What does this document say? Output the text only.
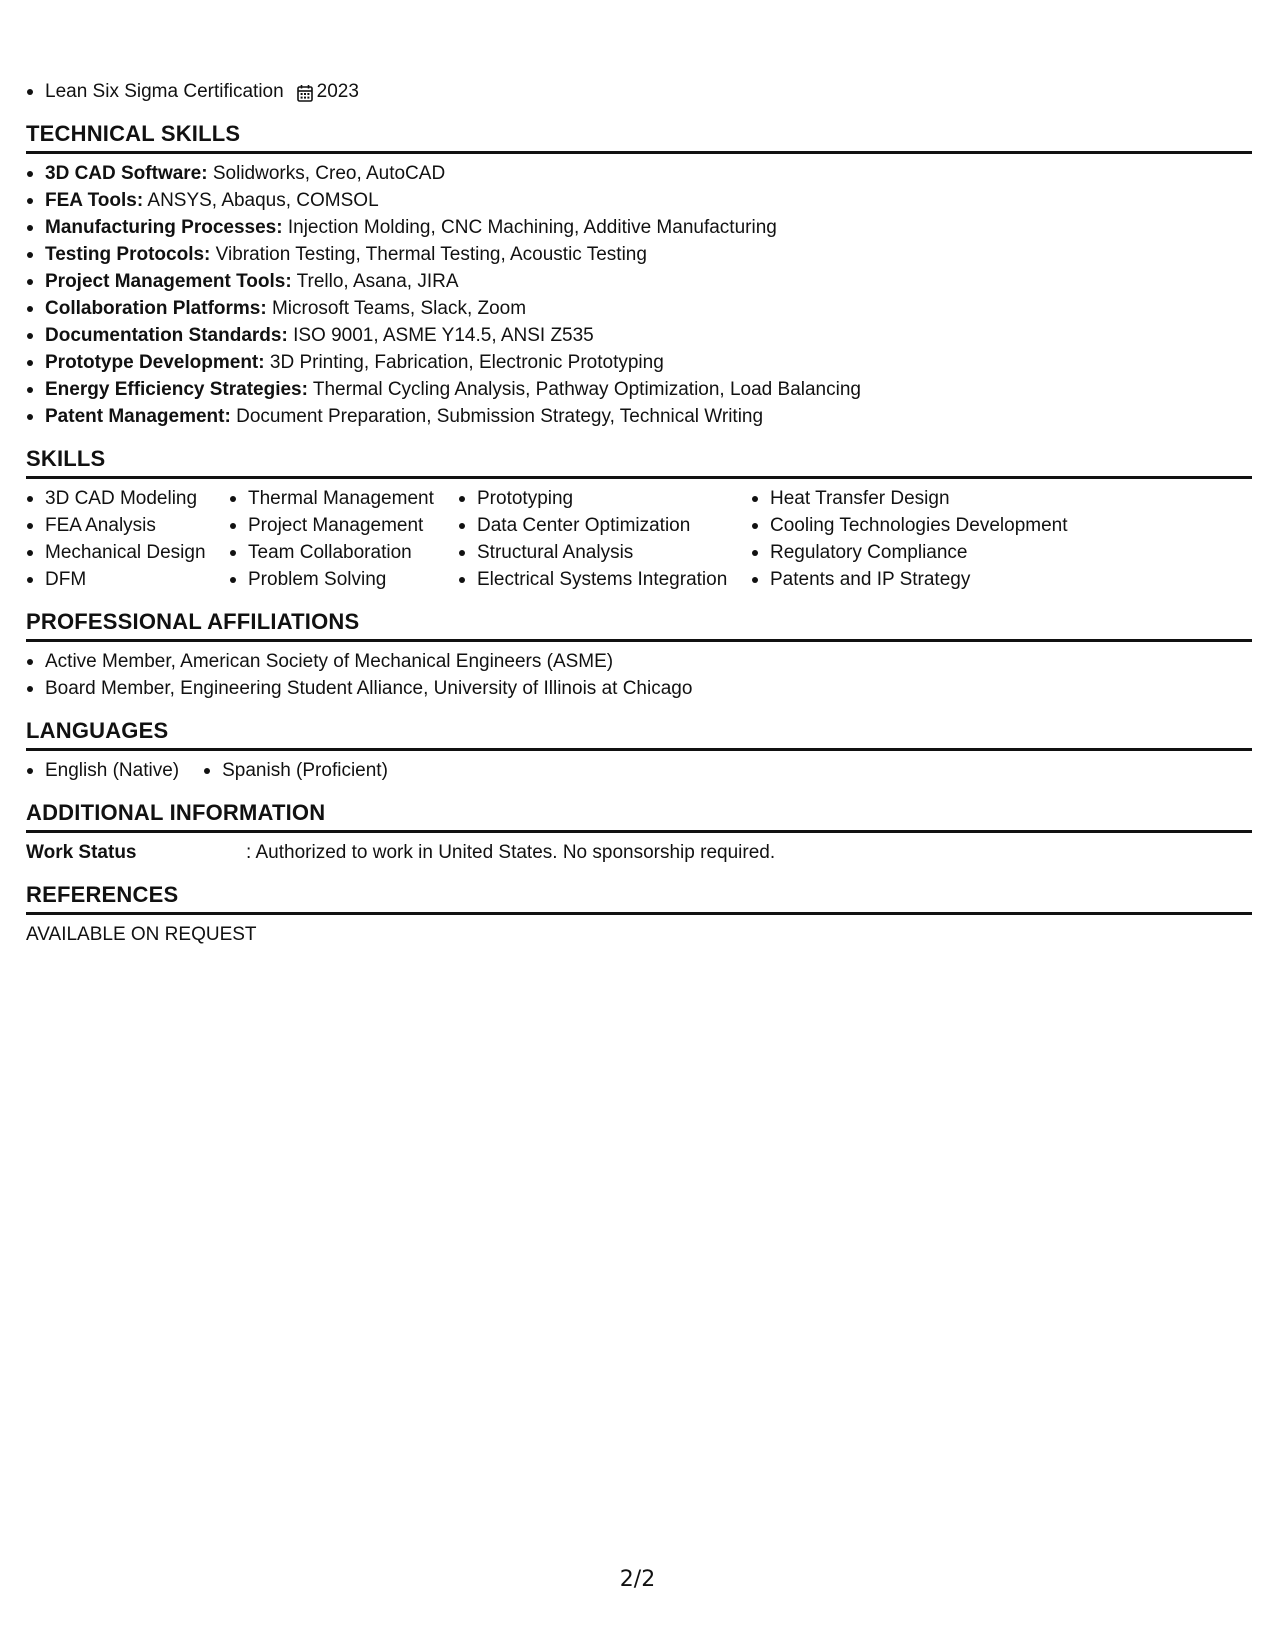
Lean Six Sigma Certification 2023
TECHNICAL SKILLS
3D CAD Software: Solidworks, Creo, AutoCAD
FEA Tools: ANSYS, Abaqus, COMSOL
Manufacturing Processes: Injection Molding, CNC Machining, Additive Manufacturing
Testing Protocols: Vibration Testing, Thermal Testing, Acoustic Testing
Project Management Tools: Trello, Asana, JIRA
Collaboration Platforms: Microsoft Teams, Slack, Zoom
Documentation Standards: ISO 9001, ASME Y14.5, ANSI Z535
Prototype Development: 3D Printing, Fabrication, Electronic Prototyping
Energy Efficiency Strategies: Thermal Cycling Analysis, Pathway Optimization, Load Balancing
Patent Management: Document Preparation, Submission Strategy, Technical Writing
SKILLS
3D CAD Modeling
FEA Analysis
Mechanical Design
DFM
Thermal Management
Project Management
Team Collaboration
Problem Solving
Prototyping
Data Center Optimization
Structural Analysis
Electrical Systems Integration
Heat Transfer Design
Cooling Technologies Development
Regulatory Compliance
Patents and IP Strategy
PROFESSIONAL AFFILIATIONS
Active Member, American Society of Mechanical Engineers (ASME)
Board Member, Engineering Student Alliance, University of Illinois at Chicago
LANGUAGES
English (Native)	Spanish (Proficient)
ADDITIONAL INFORMATION
Work Status	: Authorized to work in United States. No sponsorship required.
REFERENCES
AVAILABLE ON REQUEST
2/2
